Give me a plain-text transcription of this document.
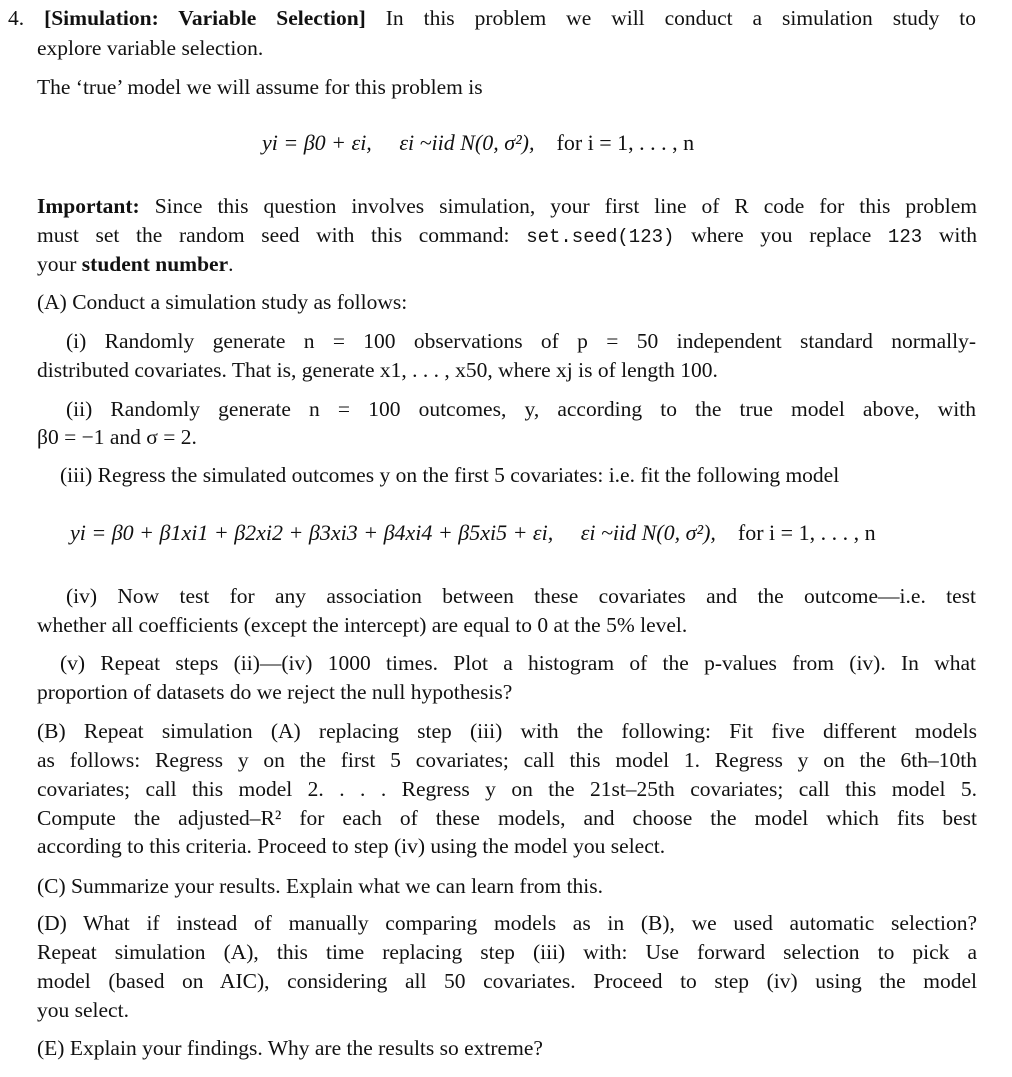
4. [Simulation: Variable Selection] In this problem we will conduct a simulation study to
explore variable selection.
The ‘true’ model we will assume for this problem is
yi = β0 + εi, εi ~iid N(0, σ²), for i = 1, . . . , n
Important: Since this question involves simulation, your first line of R code for this problem
must set the random seed with this command: set.seed(123) where you replace 123 with
your student number.
(A) Conduct a simulation study as follows:
(i) Randomly generate n = 100 observations of p = 50 independent standard normally-
distributed covariates. That is, generate x1, . . . , x50, where xj is of length 100.
(ii) Randomly generate n = 100 outcomes, y, according to the true model above, with
β0 = −1 and σ = 2.
(iii) Regress the simulated outcomes y on the first 5 covariates: i.e. fit the following model
yi = β0 + β1xi1 + β2xi2 + β3xi3 + β4xi4 + β5xi5 + εi, εi ~iid N(0, σ²), for i = 1, . . . , n
(iv) Now test for any association between these covariates and the outcome—i.e. test
whether all coefficients (except the intercept) are equal to 0 at the 5% level.
(v) Repeat steps (ii)—(iv) 1000 times. Plot a histogram of the p-values from (iv). In what
proportion of datasets do we reject the null hypothesis?
(B) Repeat simulation (A) replacing step (iii) with the following: Fit five different models
as follows: Regress y on the first 5 covariates; call this model 1. Regress y on the 6th–10th
covariates; call this model 2. . . . Regress y on the 21st–25th covariates; call this model 5.
Compute the adjusted–R² for each of these models, and choose the model which fits best
according to this criteria. Proceed to step (iv) using the model you select.
(C) Summarize your results. Explain what we can learn from this.
(D) What if instead of manually comparing models as in (B), we used automatic selection?
Repeat simulation (A), this time replacing step (iii) with: Use forward selection to pick a
model (based on AIC), considering all 50 covariates. Proceed to step (iv) using the model
you select.
(E) Explain your findings. Why are the results so extreme?
